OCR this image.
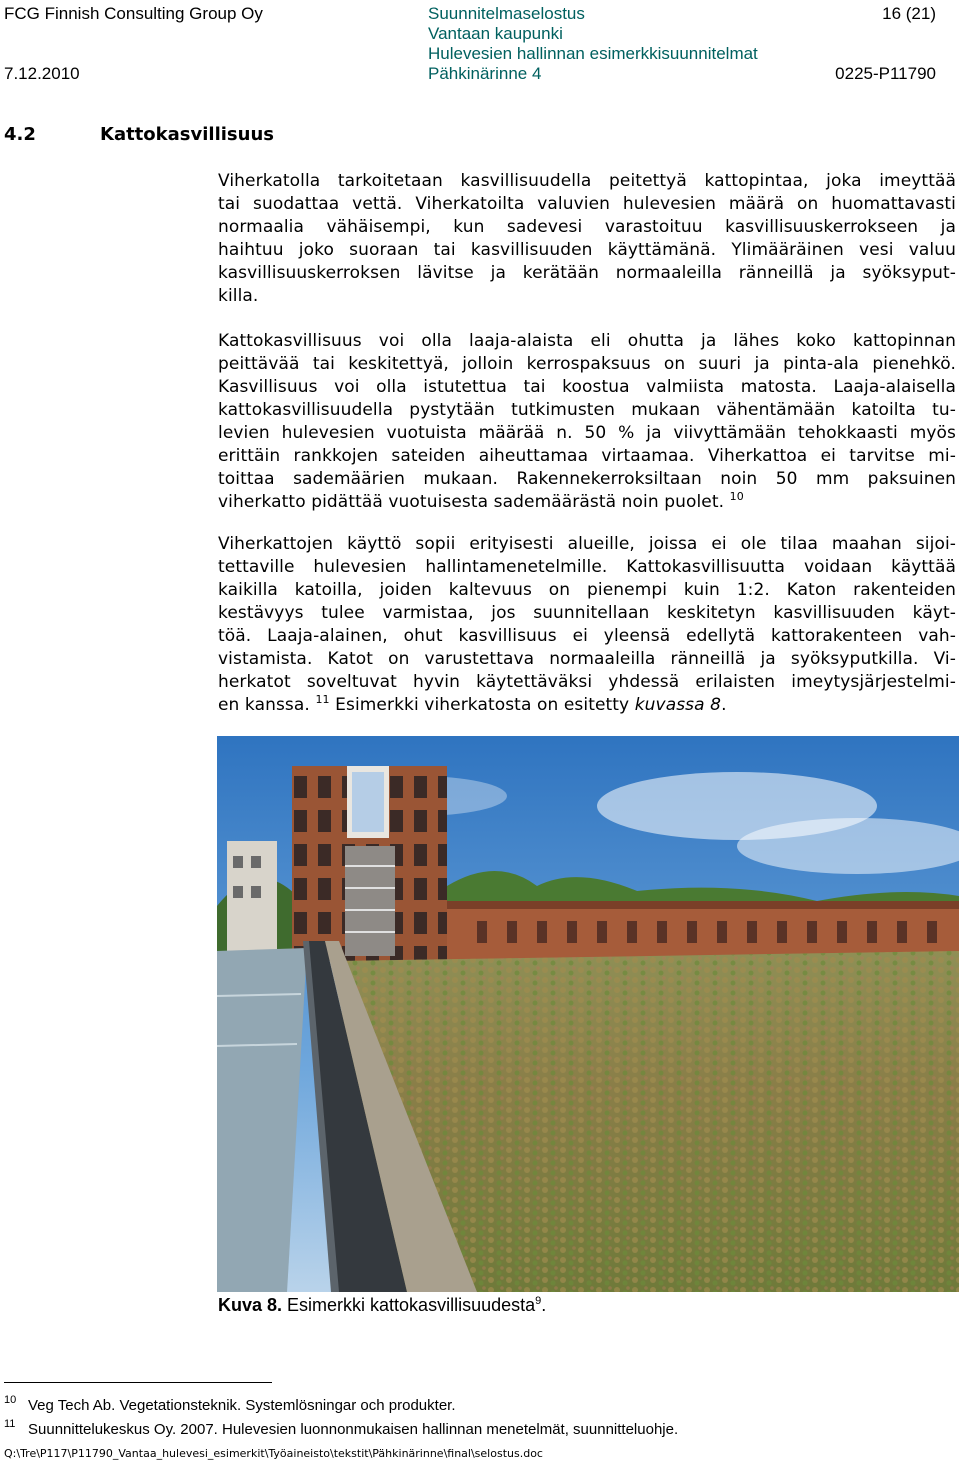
FCG Finnish Consulting Group Oy
7.12.2010
Suunnitelmaselostus
Vantaan kaupunki
Hulevesien hallinnan esimerkkisuunnitelmat
Pähkinärinne 4
16 (21)
0225-P11790
4.2	Kattokasvillisuus
Viherkatolla tarkoitetaan kasvillisuudella peitettyä kattopintaa, joka imeyttää
tai suodattaa vettä. Viherkatoilta valuvien hulevesien määrä on huomattavasti
normaalia vähäisempi, kun sadevesi varastoituu kasvillisuuskerrokseen ja
haihtuu joko suoraan tai kasvillisuuden käyttämänä. Ylimääräinen vesi valuu
kasvillisuuskerroksen lävitse ja kerätään normaaleilla ränneillä ja syöksyput-
killa.
Kattokasvillisuus voi olla laaja-alaista eli ohutta ja lähes koko kattopinnan
peittävää tai keskitettyä, jolloin kerrospaksuus on suuri ja pinta-ala pienehkö.
Kasvillisuus voi olla istutettua tai koostua valmiista matosta. Laaja-alaisella
kattokasvillisuudella pystytään tutkimusten mukaan vähentämään katoilta tu-
levien hulevesien vuotuista määrää n. 50 % ja viivyttämään tehokkaasti myös
erittäin rankkojen sateiden aiheuttamaa virtaamaa. Viherkattoa ei tarvitse mi-
toittaa sademäärien mukaan. Rakennekerroksiltaan noin 50 mm paksuinen
viherkatto pidättää vuotuisesta sademäärästä noin puolet. $^{10}$
Viherkattojen käyttö sopii erityisesti alueille, joissa ei ole tilaa maahan sijoi-
tettaville hulevesien hallintamenetelmille. Kattokasvillisuutta voidaan käyttää
kaikilla katoilla, joiden kaltevuus on pienempi kuin 1:2. Katon rakenteiden
kestävyys tulee varmistaa, jos suunnitellaan keskitetyn kasvillisuuden käyt-
töä. Laaja-alainen, ohut kasvillisuus ei yleensä edellytä kattorakenteen vah-
vistamista. Katot on varustettava normaaleilla ränneillä ja syöksyputkilla. Vi-
herkatot soveltuvat hyvin käytettäväksi yhdessä erilaisten imeytysjärjestelmi-
en kanssa. $^{11}$ Esimerkki viherkatosta on esitetty kuvassa 8.
Kuva 8. Esimerkki kattokasvillisuudesta$^9$.
10 Veg Tech Ab. Vegetationsteknik. Systemlösningar och produkter.
11 Suunnittelukeskus Oy. 2007. Hulevesien luonnonmukaisen hallinnan menetelmät, suunnitteluohje.
Q:\Tre\P117\P11790_Vantaa_hulevesi_esimerkit\Työaineisto\tekstit\Pähkinärinne\final\selostus.doc
